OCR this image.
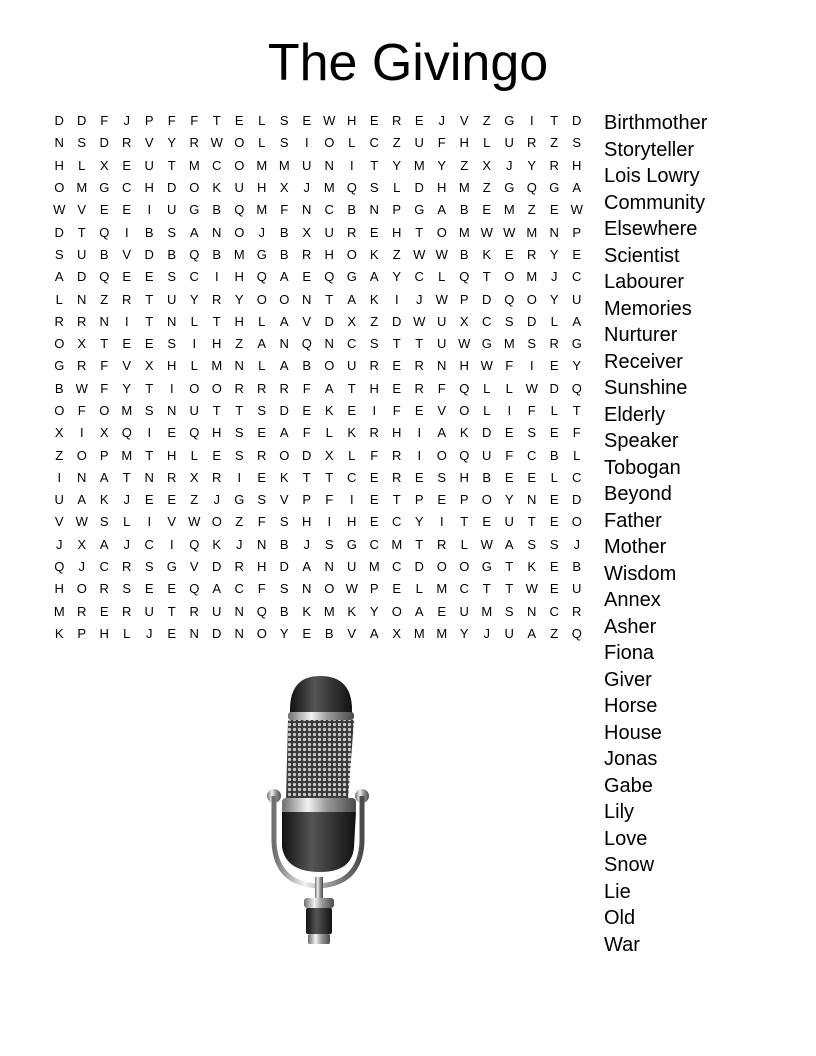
The Givingo
D	D	F	J	P	F	F	T	E	L	S	E W H	E	R	E	J	V	Z	G	I	T	D
N	S	D	R	V	Y	R W O	L	S	I	O	L	C	Z	U	F	H	L	U	R	Z	S
H	L	X	E	U	T	M C O M M U	N	I	T	Y M Y	Z	X	J	Y	R	H
O M G C	H	D O	K	U	H	X	J	M Q	S	L	D	H M	Z	G Q G	A
W V	E	E	I	U G	B	Q M	F	N	C	B	N	P	G	A	B	E M	Z	E W
D	T	Q	I	B	S	A	N O	J	B	X	U	R	E	H	T	O M W W M N	P
S	U	B	V	D	B	Q	B M G	B	R	H O	K	Z W W B	K	E	R	Y	E
A	D Q	E	E	S	C	I	H Q	A	E	Q G	A	Y	C	L	Q	T	O M	J	C
L	N	Z	R	T	U	Y	R	Y	O O N	T	A	K	I	J	W P	D Q O	Y	U
R	R	N	I	T	N	L	T	H	L	A	V	D	X	Z	D W U	X	C	S	D	L	A
O	X	T	E	E	S	I	H	Z	A	N Q N	C	S	T	T	U W G M S	R G
G R	F	V	X	H	L	M N	L	A	B	O U	R	E	R	N	H W F	I	E	Y
B W F	Y	T	I	O O R	R	R	F	A	T	H	E	R	F	Q	L	L W D Q
O	F	O M S	N	U	T	T	S	D	E	K	E	I	F	E	V	O	L	I	F	L	T
X	I	X	Q	I	E	Q H	S	E	A	F	L	K	R	H	I	A	K	D	E	S	E	F
Z	O	P M	T	H	L	E	S	R O D	X	L	F	R	I	O Q U	F	C	B	L
I	N	A	T	N	R	X	R	I	E	K	T	T	C	E	R	E	S	H	B	E	E	L	C
U	A	K	J	E	E	Z	J	G	S	V	P	F	I	E	T	P	E	P	O	Y	N	E	D
V W S	L	I	V W O	Z	F	S	H	I	H	E	C	Y	I	T	E	U	T	E	O
J	X	A	J	C	I	Q	K	J	N	B	J	S	G C M	T	R	L W A	S	S	J
Q	J	C	R	S	G	V	D	R	H	D	A	N	U M C	D O O G	T	K	E	B
H O R	S	E	E	Q	A	C	F	S	N O W P	E	L	M C	T	T W E	U
M R	E	R	U	T	R	U	N Q	B	K M K	Y	O	A	E	U M S	N	C	R
K	P	H	L	J	E	N	D	N O	Y	E	B	V	A	X M M Y	J	U	A	Z	Q
Birthmother
Storyteller
Lois Lowry
Community
Elsewhere
Scientist
Labourer
Memories
Nurturer
Receiver
Sunshine
Elderly
Speaker
Tobogan
Beyond
Father
Mother
Wisdom
Annex
Asher
Fiona
Giver
Horse
House
Jonas
Gabe
Lily
Love
Snow
Lie
Old
War
